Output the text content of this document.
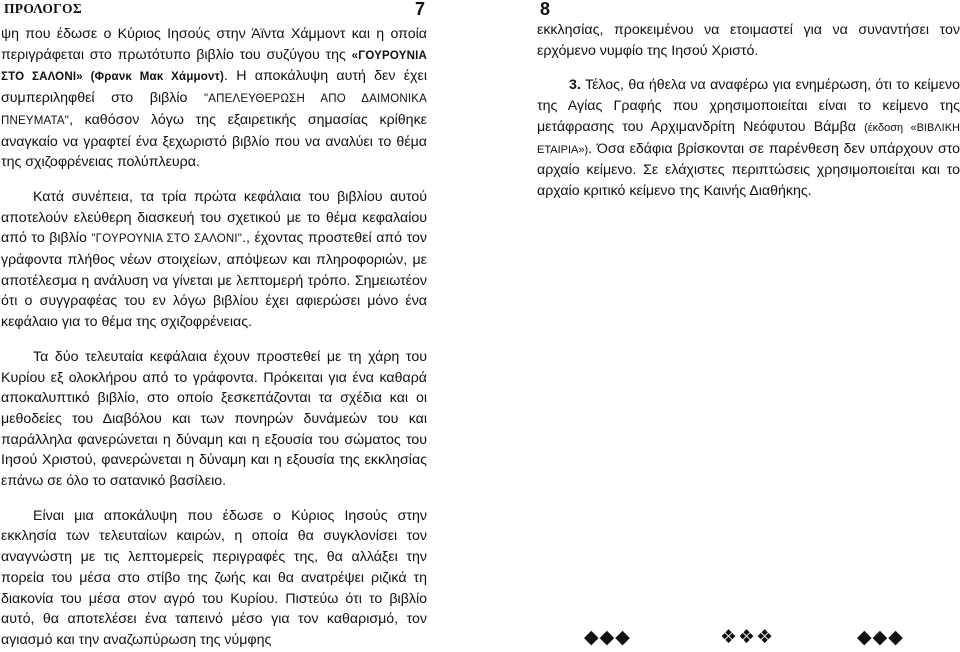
ΠΡΟΛΟΓΟΣ	7

ψη που έδωσε ο Κύριος Ιησούς στην Άϊντα Χάμμοντ και η οποία περιγράφεται στο πρωτότυπο βιβλίο του συζύγου της «ΓΟΥΡΟΥΝΙΑ ΣΤΟ ΣΑΛΟΝΙ» (Φρανκ Μακ Χάμμοντ). Η αποκάλυψη αυτή δεν έχει συμπεριληφθεί στο βιβλίο "ΑΠΕΛΕΥΘΕΡΩΣΗ ΑΠΟ ΔΑΙΜΟΝΙΚΑ ΠΝΕΥΜΑΤΑ", καθόσον λόγω της εξαιρετικής σημασίας κρίθηκε αναγκαίο να γραφτεί ένα ξεχωριστό βιβλίο που να αναλύει το θέμα της σχιζοφρένειας πολύπλευρα.

Κατά συνέπεια, τα τρία πρώτα κεφάλαια του βιβλίου αυτού αποτελούν ελεύθερη διασκευή του σχετικού με το θέμα κεφαλαίου από το βιβλίο "ΓΟΥΡΟΥΝΙΑ ΣΤΟ ΣΑΛΟΝΙ"., έχοντας προστεθεί από τον γράφοντα πλήθος νέων στοιχείων, απόψεων και πληροφοριών, με αποτέλεσμα η ανάλυση να γίνεται με λεπτομερή τρόπο. Σημειωτέον ότι ο συγγραφέας του εν λόγω βιβλίου έχει αφιερώσει μόνο ένα κεφάλαιο για το θέμα της σχιζοφρένειας.

Τα δύο τελευταία κεφάλαια έχουν προστεθεί με τη χάρη του Κυρίου εξ ολοκλήρου από το γράφοντα. Πρόκειται για ένα καθαρά αποκαλυπτικό βιβλίο, στο οποίο ξεσκεπάζονται τα σχέδια και οι μεθοδείες του Διαβόλου και των πονηρών δυνάμεών του και παράλληλα φανερώνεται η δύναμη και η εξουσία του σώματος του Ιησού Χριστού, φανερώνεται η δύναμη και η εξουσία της εκκλησίας επάνω σε όλο το σατανικό βασίλειο.

Είναι μια αποκάλυψη που έδωσε ο Κύριος Ιησούς στην εκκλησία των τελευταίων καιρών, η οποία θα συγκλονίσει τον αναγνώστη με τις λεπτομερείς περιγραφές της, θα αλλάξει την πορεία του μέσα στο στίβο της ζωής και θα ανατρέψει ριζικά τη διακονία του μέσα στον αγρό του Κυρίου. Πιστεύω ότι το βιβλίο αυτό, θα αποτελέσει ένα ταπεινό μέσο για τον καθαρισμό, τον αγιασμό και την αναζωπύρωση της νύμφης

8

εκκλησίας, προκειμένου να ετοιμαστεί για να συναντήσει τον ερχόμενο νυμφίο της Ιησού Χριστό.

3. Τέλος, θα ήθελα να αναφέρω για ενημέρωση, ότι το κείμενο της Αγίας Γραφής που χρησιμοποιείται είναι το κείμενο της μετάφρασης του Αρχιμανδρίτη Νεόφυτου Βάμβα (έκδοση «ΒΙΒΛΙΚΗ ΕΤΑΙΡΙΑ»). Όσα εδάφια βρίσκονται σε παρένθεση δεν υπάρχουν στο αρχαίο κείμενο. Σε ελάχιστες περιπτώσεις χρησιμοποιείται και το αρχαίο κριτικό κείμενο της Καινής Διαθήκης.

◆◆◆	❖❖❖	◆◆◆
